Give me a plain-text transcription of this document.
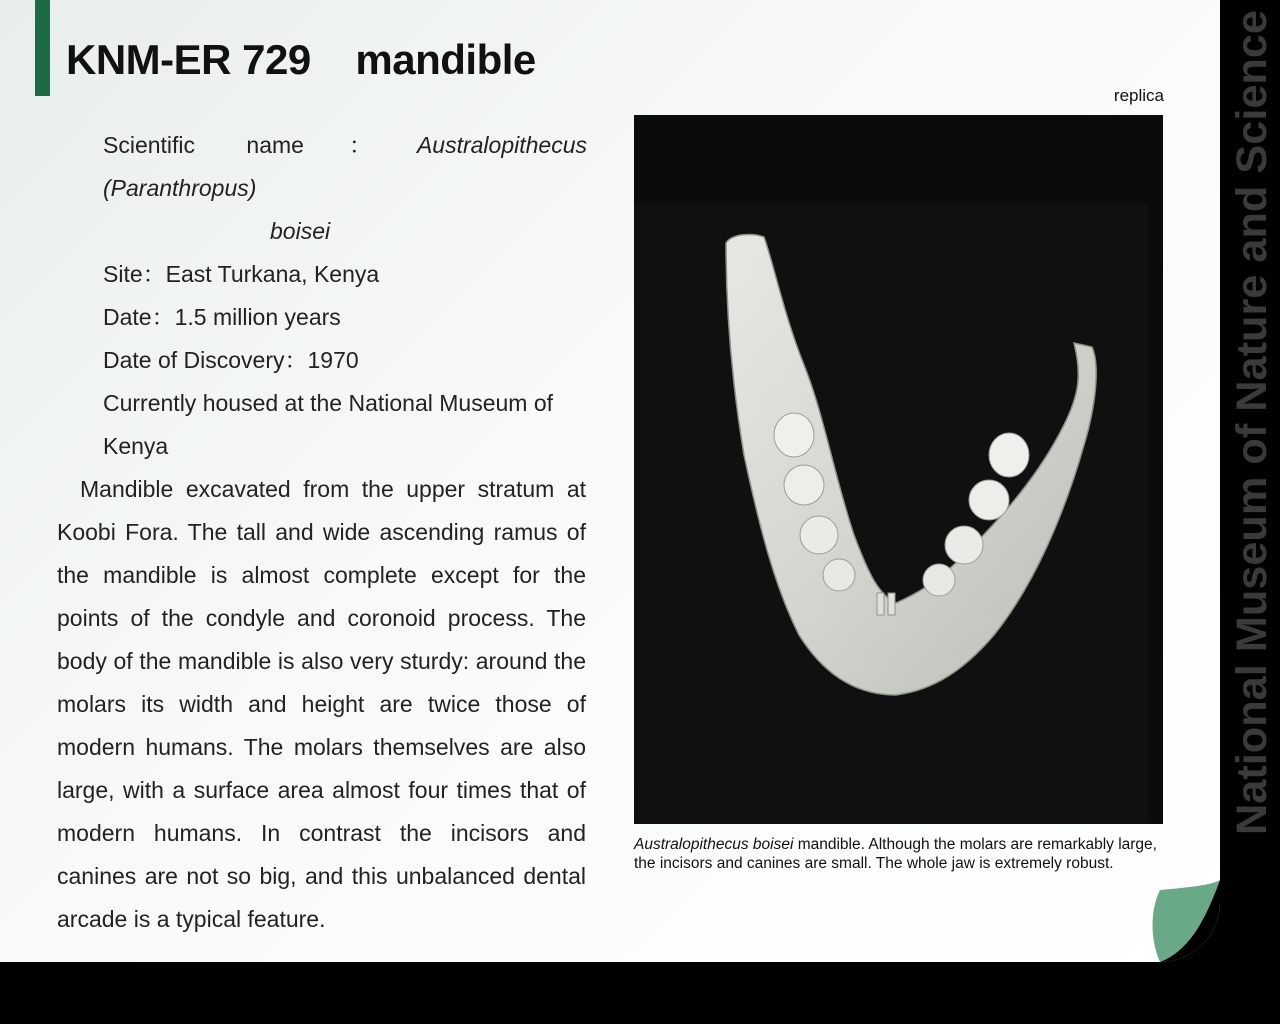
KNM-ER 729    mandible
Scientific name：Australopithecus (Paranthropus)
boisei
Site：East Turkana, Kenya
Date：1.5 million years
Date of Discovery：1970
Currently housed at the National Museum of
Kenya
Mandible excavated from the upper stratum at Koobi Fora. The tall and wide ascending ramus of the mandible is almost complete except for the points of the condyle and coronoid process. The body of the mandible is also very sturdy: around the molars its width and height are twice those of modern humans. The molars themselves are also large, with a surface area almost four times that of modern humans. In contrast the incisors and canines are not so big, and this unbalanced dental arcade is a typical feature.
replica
Australopithecus boisei mandible. Although the molars are remarkably large, the incisors and canines are small. The whole jaw is extremely robust.
National Museum of Nature and Science
